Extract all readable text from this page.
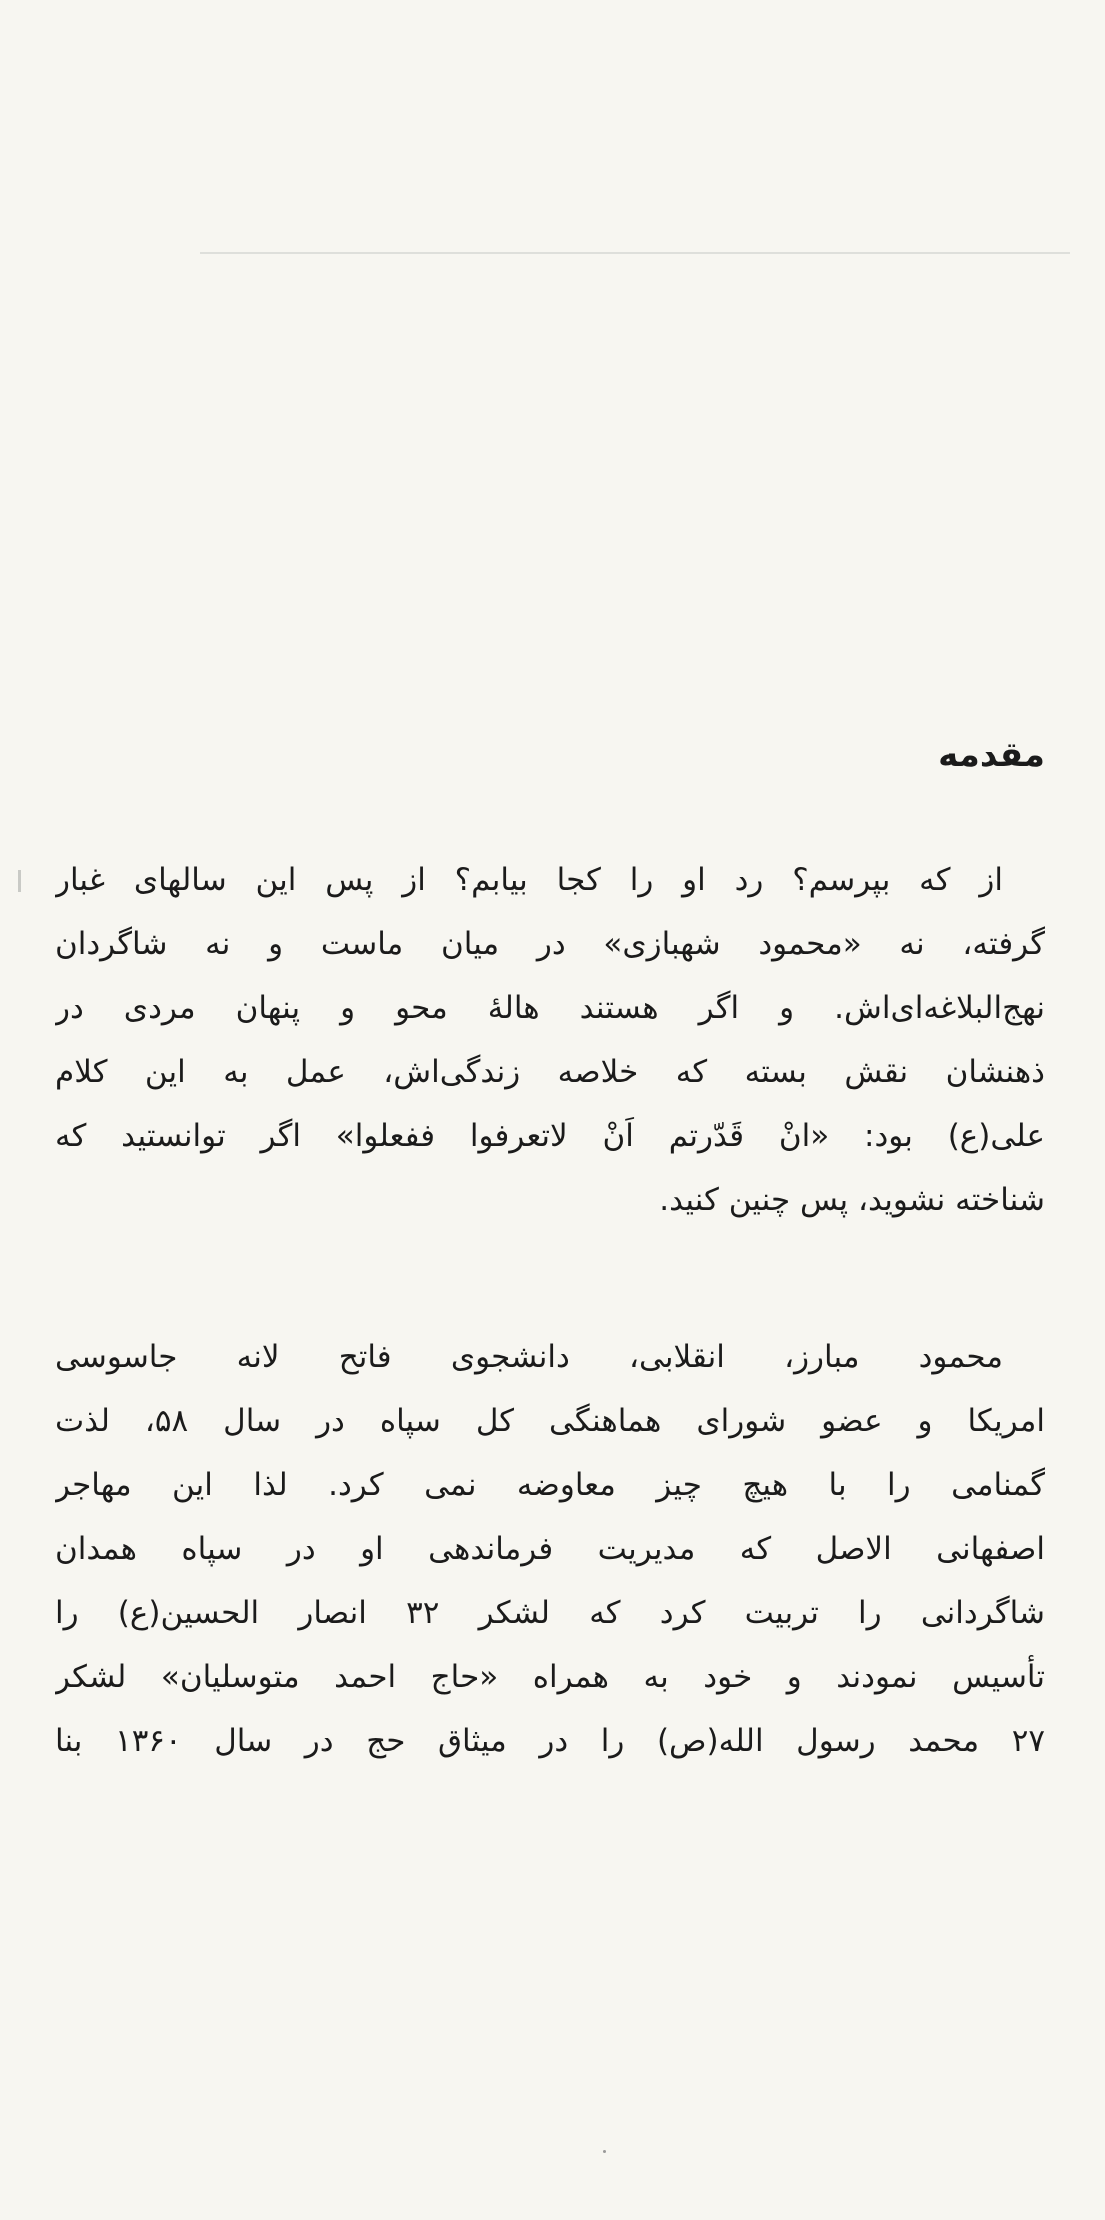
مقدمه
از که بپرسم؟ رد او را کجا بیابم؟ از پس این سالهای غبار
گرفته، نه «محمود شهبازی» در میان ماست و نه شاگردان
نهج‌البلاغه‌ای‌اش. و اگر هستند هالهٔ محو و پنهان مردی در
ذهنشان نقش بسته که خلاصه زندگی‌اش، عمل به این کلام
علی(ع) بود: «انْ قَدّرتم اَنْ لاتعرفوا ففعلوا» اگر توانستید که
شناخته نشوید، پس چنین کنید.
محمود مبارز، انقلابی، دانشجوی فاتح لانه جاسوسی
امریکا و عضو شورای هماهنگی کل سپاه در سال ۵۸، لذت
گمنامی را با هیچ چیز معاوضه نمی کرد. لذا این مهاجر
اصفهانی الاصل که مدیریت فرماندهی او در سپاه همدان
شاگردانی را تربیت کرد که لشکر ۳۲ انصار الحسین(ع) را
تأسیس نمودند و خود به همراه «حاج احمد متوسلیان» لشکر
۲۷ محمد رسول الله(ص) را در میثاق حج در سال ۱۳۶۰ بنا
